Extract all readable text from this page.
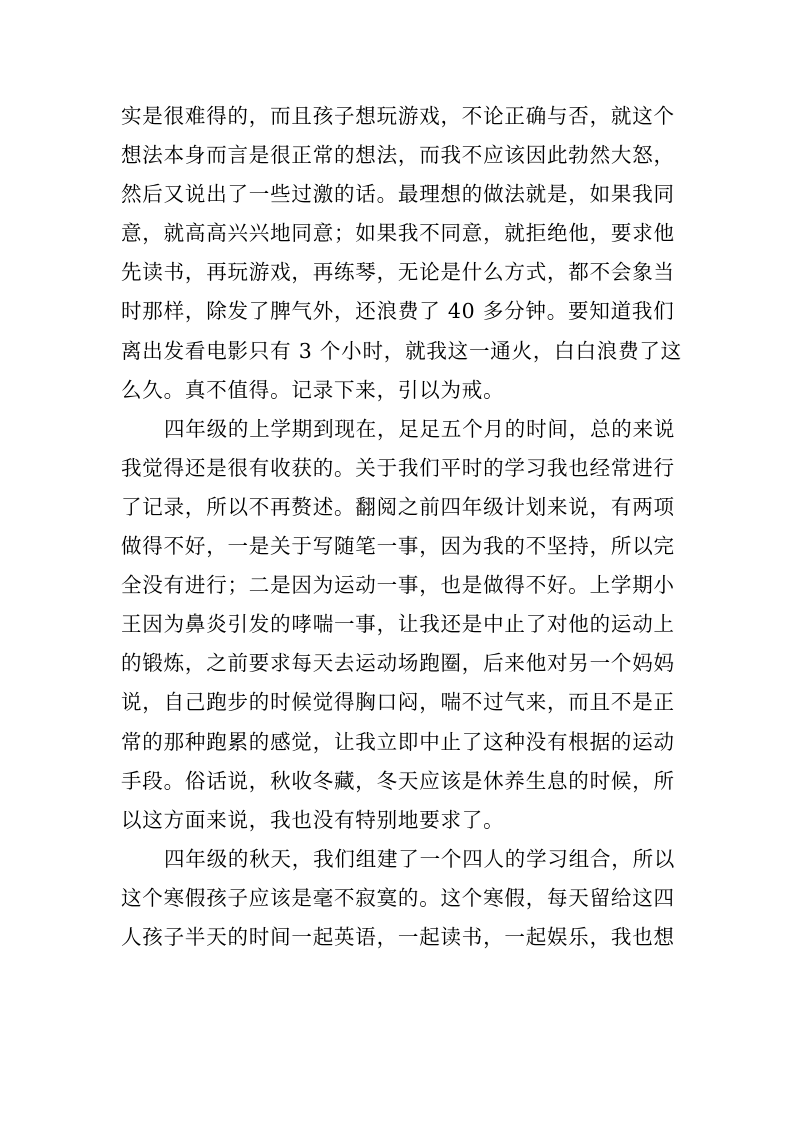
实是很难得的，而且孩子想玩游戏，不论正确与否，就这个
想法本身而言是很正常的想法，而我不应该因此勃然大怒，
然后又说出了一些过激的话。最理想的做法就是，如果我同
意，就高高兴兴地同意；如果我不同意，就拒绝他，要求他
先读书，再玩游戏，再练琴，无论是什么方式，都不会象当
时那样，除发了脾气外，还浪费了 40 多分钟。要知道我们
离出发看电影只有 3 个小时，就我这一通火，白白浪费了这
么久。真不值得。记录下来，引以为戒。
四年级的上学期到现在，足足五个月的时间，总的来说
我觉得还是很有收获的。关于我们平时的学习我也经常进行
了记录，所以不再赘述。翻阅之前四年级计划来说，有两项
做得不好，一是关于写随笔一事，因为我的不坚持，所以完
全没有进行；二是因为运动一事，也是做得不好。上学期小
王因为鼻炎引发的哮喘一事，让我还是中止了对他的运动上
的锻炼，之前要求每天去运动场跑圈，后来他对另一个妈妈
说，自己跑步的时候觉得胸口闷，喘不过气来，而且不是正
常的那种跑累的感觉，让我立即中止了这种没有根据的运动
手段。俗话说，秋收冬藏，冬天应该是休养生息的时候，所
以这方面来说，我也没有特别地要求了。
四年级的秋天，我们组建了一个四人的学习组合，所以
这个寒假孩子应该是毫不寂寞的。这个寒假，每天留给这四
人孩子半天的时间一起英语，一起读书，一起娱乐，我也想
